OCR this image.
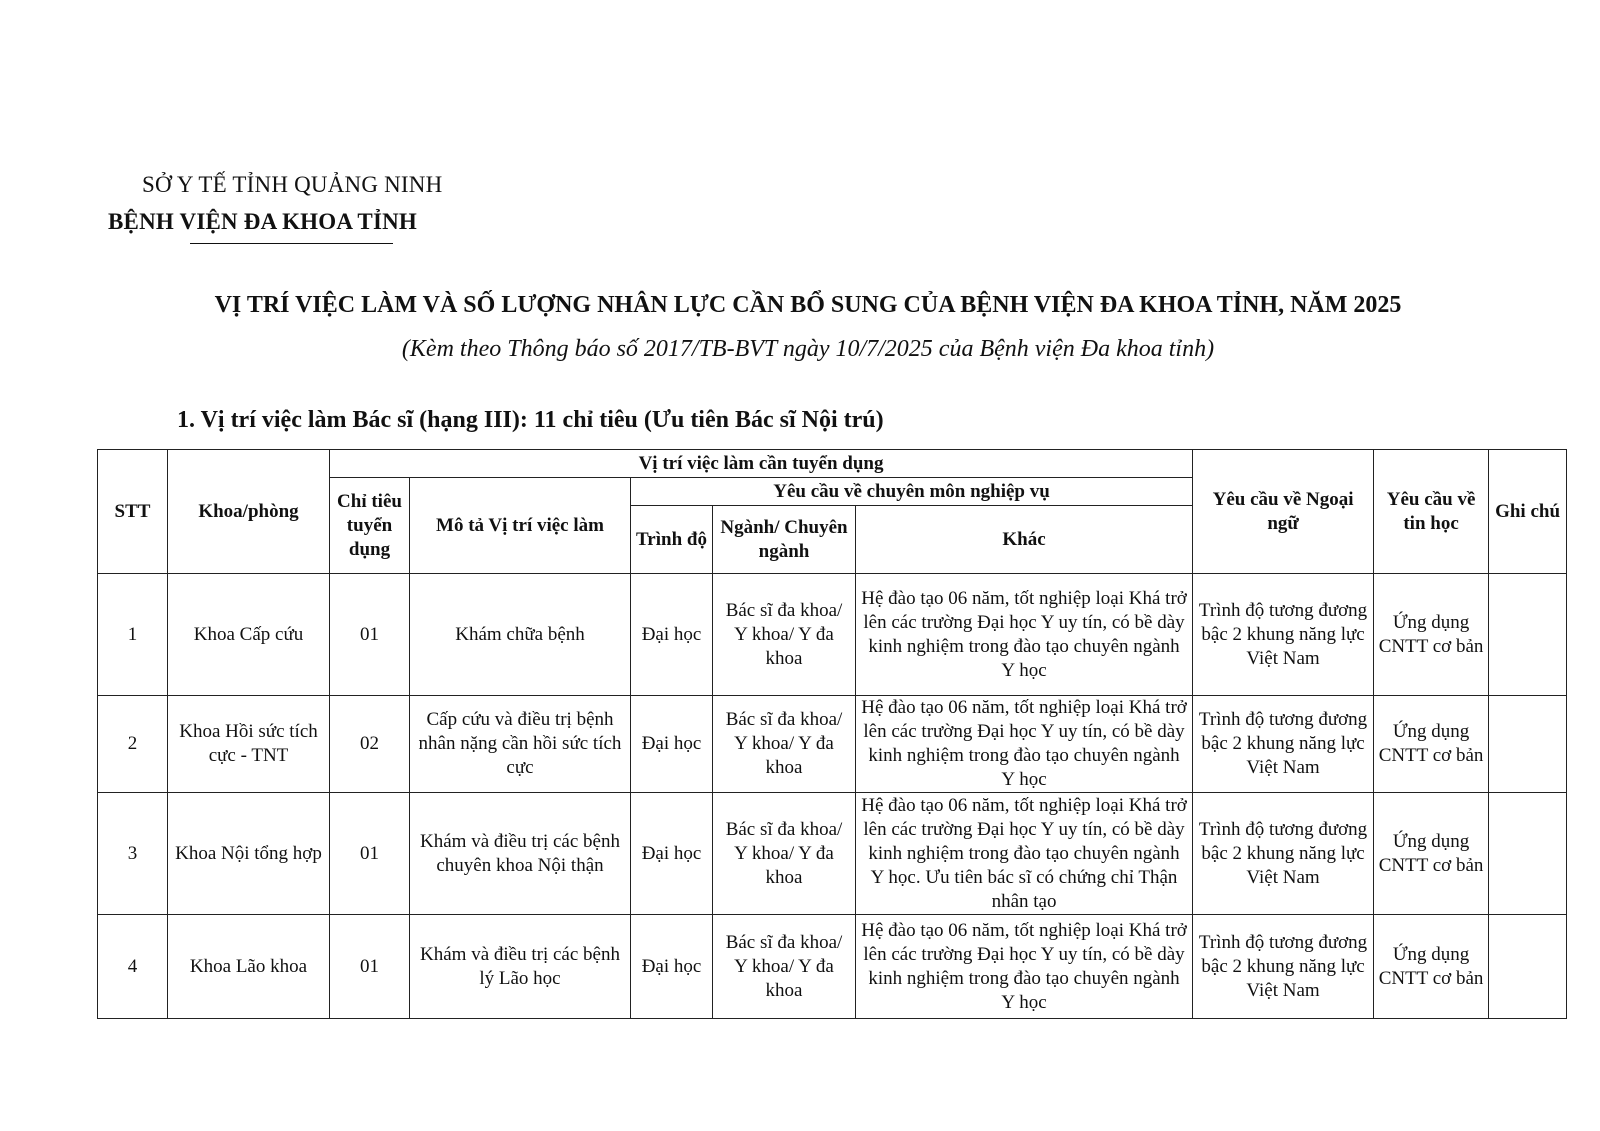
SỞ Y TẾ TỈNH QUẢNG NINH
BỆNH VIỆN ĐA KHOA TỈNH
VỊ TRÍ VIỆC LÀM VÀ SỐ LƯỢNG NHÂN LỰC CẦN BỔ SUNG CỦA BỆNH VIỆN ĐA KHOA TỈNH, NĂM 2025
(Kèm theo Thông báo số 2017/TB-BVT ngày 10/7/2025 của Bệnh viện Đa khoa tỉnh)
1. Vị trí việc làm Bác sĩ (hạng III): 11 chỉ tiêu (Ưu tiên Bác sĩ Nội trú)
STT	Khoa/phòng	Vị trí việc làm cần tuyển dụng					Yêu cầu về Ngoại ngữ	Yêu cầu về tin học	Ghi chú
		Chỉ tiêu tuyển dụng	Mô tả Vị trí việc làm	Yêu cầu về chuyên môn nghiệp vụ					
				Trình độ	Ngành/ Chuyên ngành	Khác			
1	Khoa Cấp cứu	01	Khám chữa bệnh	Đại học	Bác sĩ đa khoa/ Y khoa/ Y đa khoa	Hệ đào tạo 06 năm, tốt nghiệp loại Khá trở lên các trường Đại học Y uy tín, có bề dày kinh nghiệm trong đào tạo chuyên ngành Y học	Trình độ tương đương bậc 2 khung năng lực Việt Nam	Ứng dụng CNTT cơ bản	
2	Khoa Hồi sức tích cực - TNT	02	Cấp cứu và điều trị bệnh nhân nặng cần hồi sức tích cực	Đại học	Bác sĩ đa khoa/ Y khoa/ Y đa khoa	Hệ đào tạo 06 năm, tốt nghiệp loại Khá trở lên các trường Đại học Y uy tín, có bề dày kinh nghiệm trong đào tạo chuyên ngành Y học	Trình độ tương đương bậc 2 khung năng lực Việt Nam	Ứng dụng CNTT cơ bản	
3	Khoa Nội tổng hợp	01	Khám và điều trị các bệnh chuyên khoa Nội thận	Đại học	Bác sĩ đa khoa/ Y khoa/ Y đa khoa	Hệ đào tạo 06 năm, tốt nghiệp loại Khá trở lên các trường Đại học Y uy tín, có bề dày kinh nghiệm trong đào tạo chuyên ngành Y học. Ưu tiên bác sĩ có chứng chỉ Thận nhân tạo	Trình độ tương đương bậc 2 khung năng lực Việt Nam	Ứng dụng CNTT cơ bản	
4	Khoa Lão khoa	01	Khám và điều trị các bệnh lý Lão học	Đại học	Bác sĩ đa khoa/ Y khoa/ Y đa khoa	Hệ đào tạo 06 năm, tốt nghiệp loại Khá trở lên các trường Đại học Y uy tín, có bề dày kinh nghiệm trong đào tạo chuyên ngành Y học	Trình độ tương đương bậc 2 khung năng lực Việt Nam	Ứng dụng CNTT cơ bản	
